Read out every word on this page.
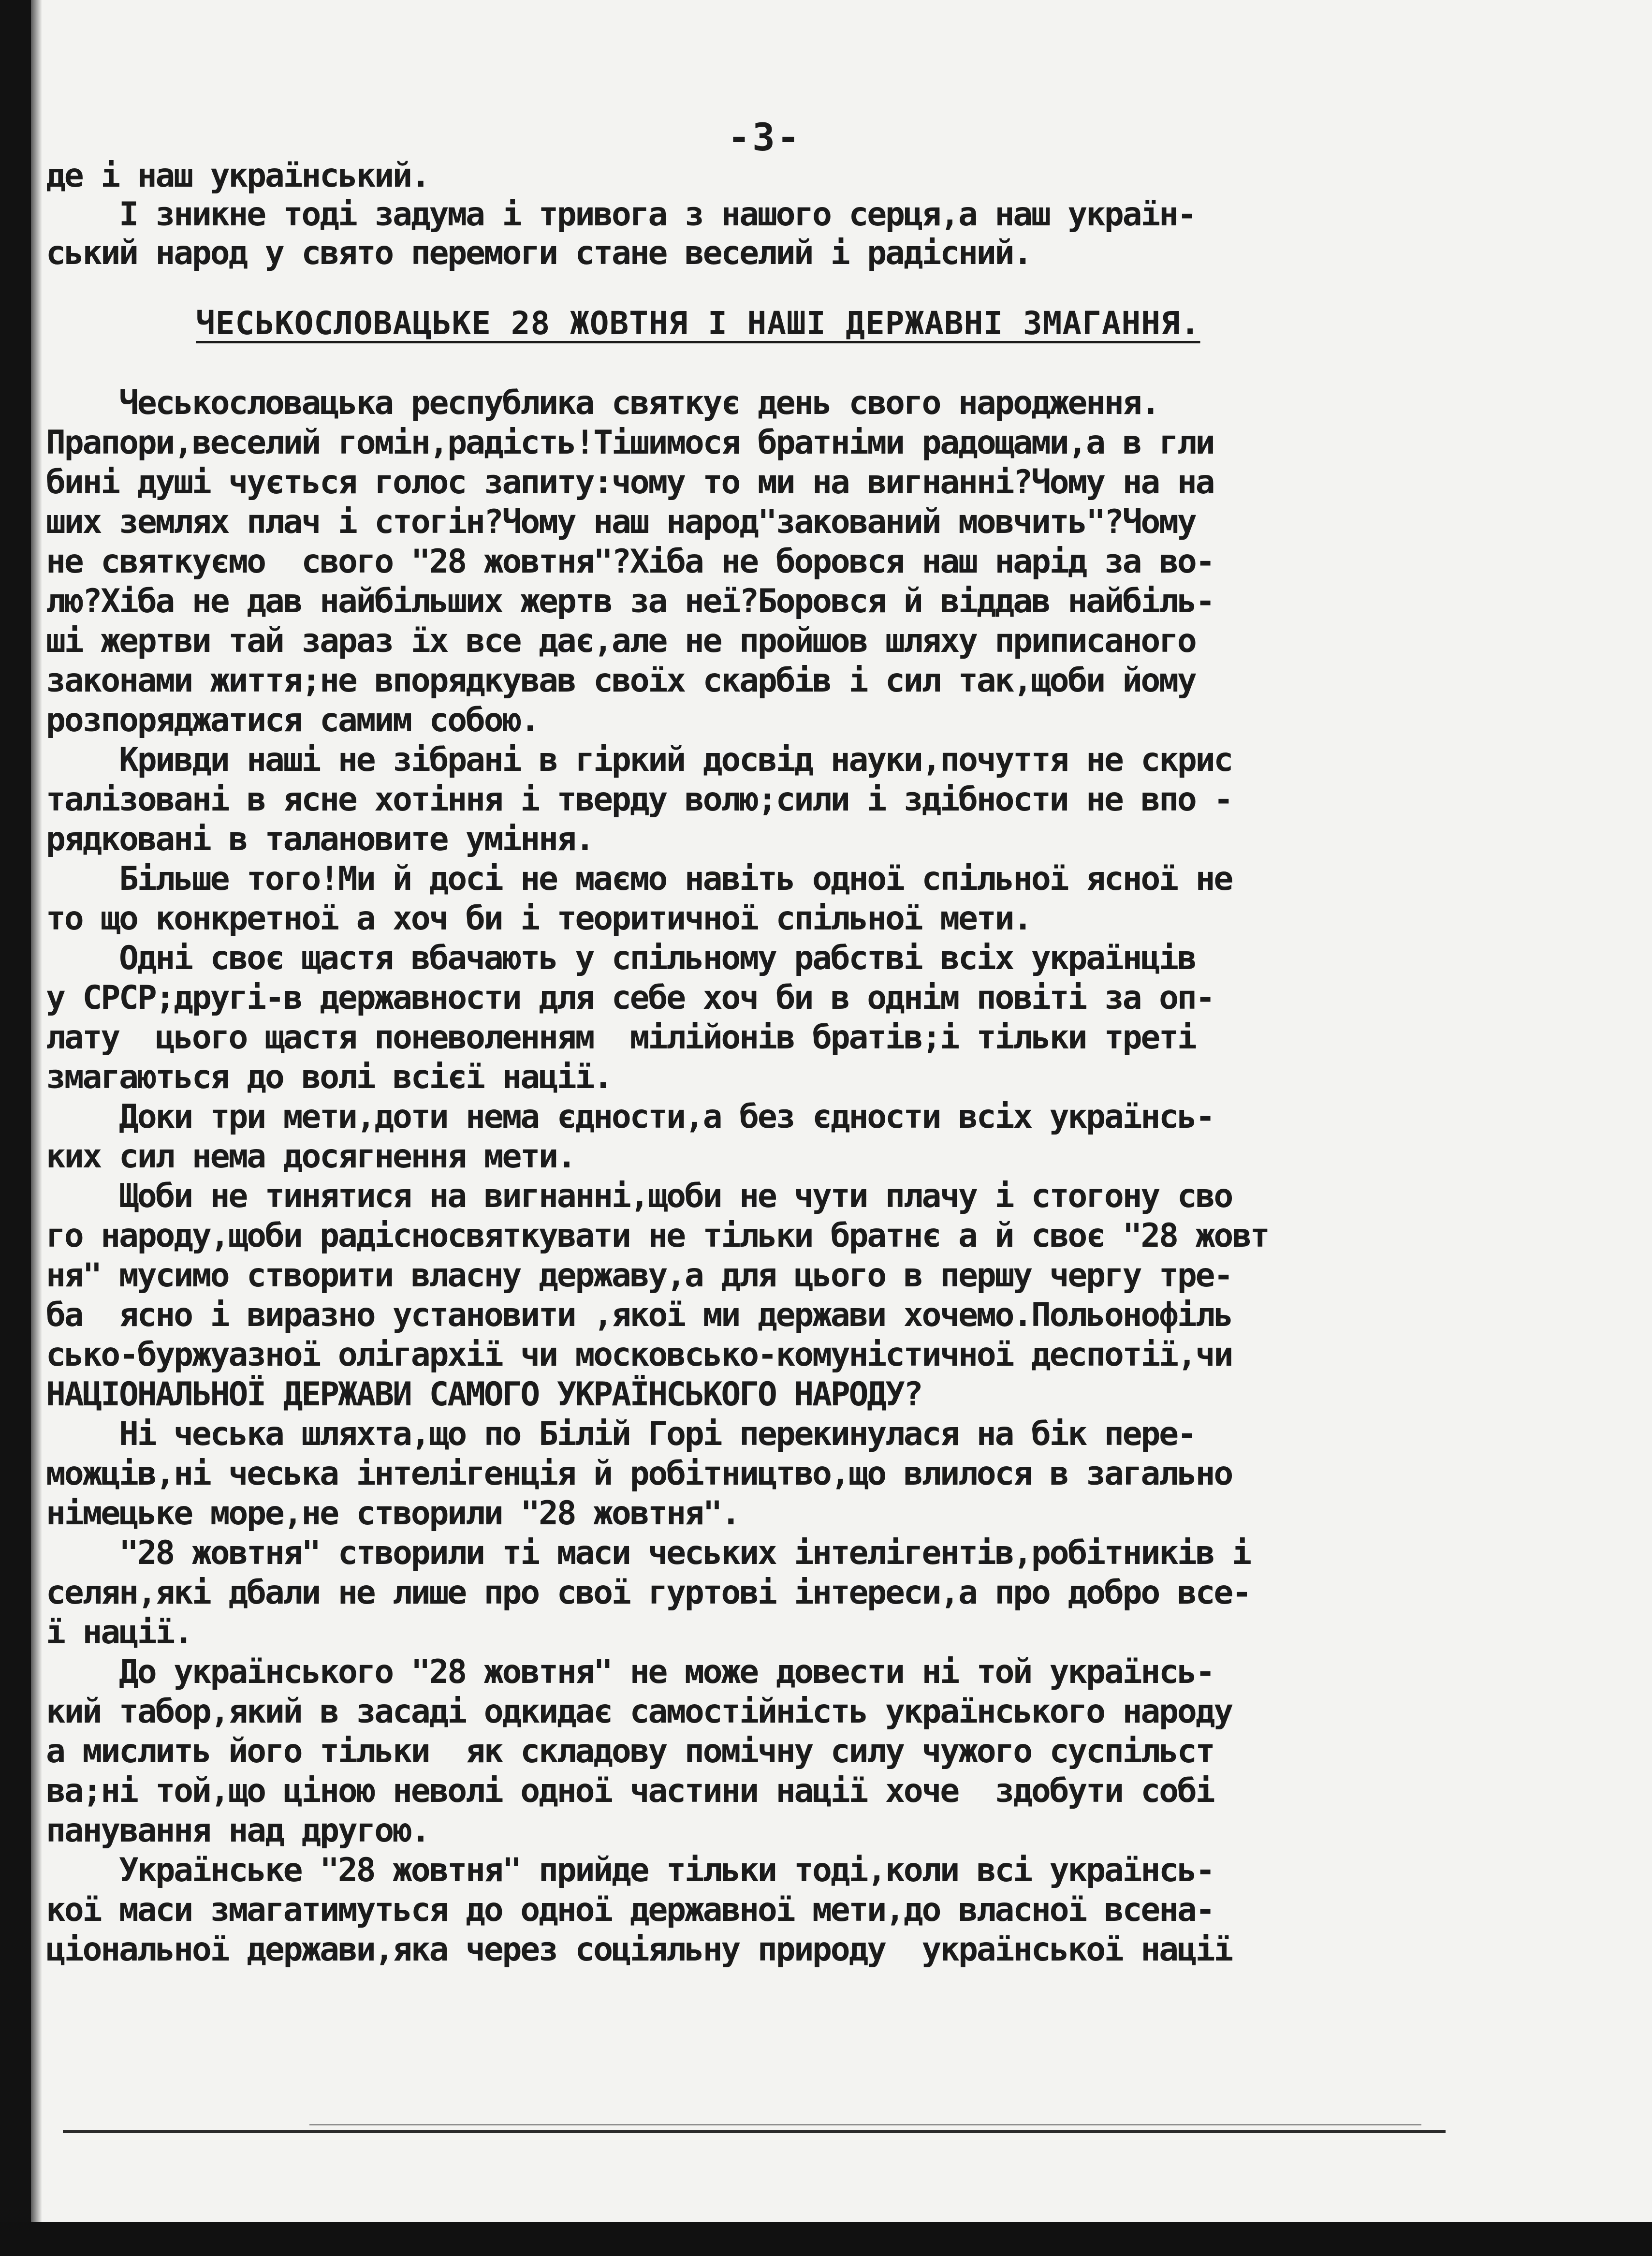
-3-
де і наш український.
І зникне тоді задума і тривога з нашого серця,а наш україн-
ський народ у свято перемоги стане веселий і радісний.
ЧЕСЬКОСЛОВАЦЬКЕ 28 ЖОВТНЯ І НАШІ ДЕРЖАВНІ ЗМАГАННЯ.
Чеськословацька республика святкує день свого народження.
Прапори,веселий гомін,радість!Тішимося братніми радощами,а в гли
бині душі чується голос запиту:чому то ми на вигнанні?Чому на на
ших землях плач і стогін?Чому наш народ"закований мовчить"?Чому
не святкуємо  свого "28 жовтня"?Хіба не боровся наш нарід за во-
лю?Хіба не дав найбільших жертв за неї?Боровся й віддав найбіль-
ші жертви тай зараз їх все дає,але не пройшов шляху приписаного
законами життя;не впорядкував своїх скарбів і сил так,щоби йому
розпоряджатися самим собою.
Кривди наші не зібрані в гіркий досвід науки,почуття не скрис
талізовані в ясне хотіння і тверду волю;сили і здібности не впо -
рядковані в талановите уміння.
Більше того!Ми й досі не маємо навіть одної спільної ясної не
то що конкретної а хоч би і теоритичної спільної мети.
Одні своє щастя вбачають у спільному рабстві всіх українців
у СРСР;другі-в державности для себе хоч би в однім повіті за оп-
лату  цього щастя поневоленням  мілійонів братів;і тільки треті
змагаються до волі всієї нації.
Доки три мети,доти нема єдности,а без єдности всіх українсь-
ких сил нема досягнення мети.
Щоби не тинятися на вигнанні,щоби не чути плачу і стогону сво
го народу,щоби радісносвяткувати не тільки братнє а й своє "28 жовт
ня" мусимо створити власну державу,а для цього в першу чергу тре-
ба  ясно і виразно установити ,якої ми держави хочемо.Польонофіль
сько-буржуазної олігархії чи московсько-комуністичної деспотії,чи
НАЦІОНАЛЬНОЇ ДЕРЖАВИ САМОГО УКРАЇНСЬКОГО НАРОДУ?
Ні чеська шляхта,що по Білій Горі перекинулася на бік пере-
можців,ні чеська інтелігенція й робітництво,що влилося в загально
німецьке море,не створили "28 жовтня".
"28 жовтня" створили ті маси чеських інтелігентів,робітників і
селян,які дбали не лише про свої гуртові інтереси,а про добро все-
ї нації.
До українського "28 жовтня" не може довести ні той українсь-
кий табор,який в засаді одкидає самостійність українського народу
а мислить його тільки  як складову помічну силу чужого суспільст
ва;ні той,що ціною неволі одної частини нації хоче  здобути собі
панування над другою.
Українське "28 жовтня" прийде тільки тоді,коли всі українсь-
кої маси змагатимуться до одної державної мети,до власної всена-
ціональної держави,яка через соціяльну природу  української нації
